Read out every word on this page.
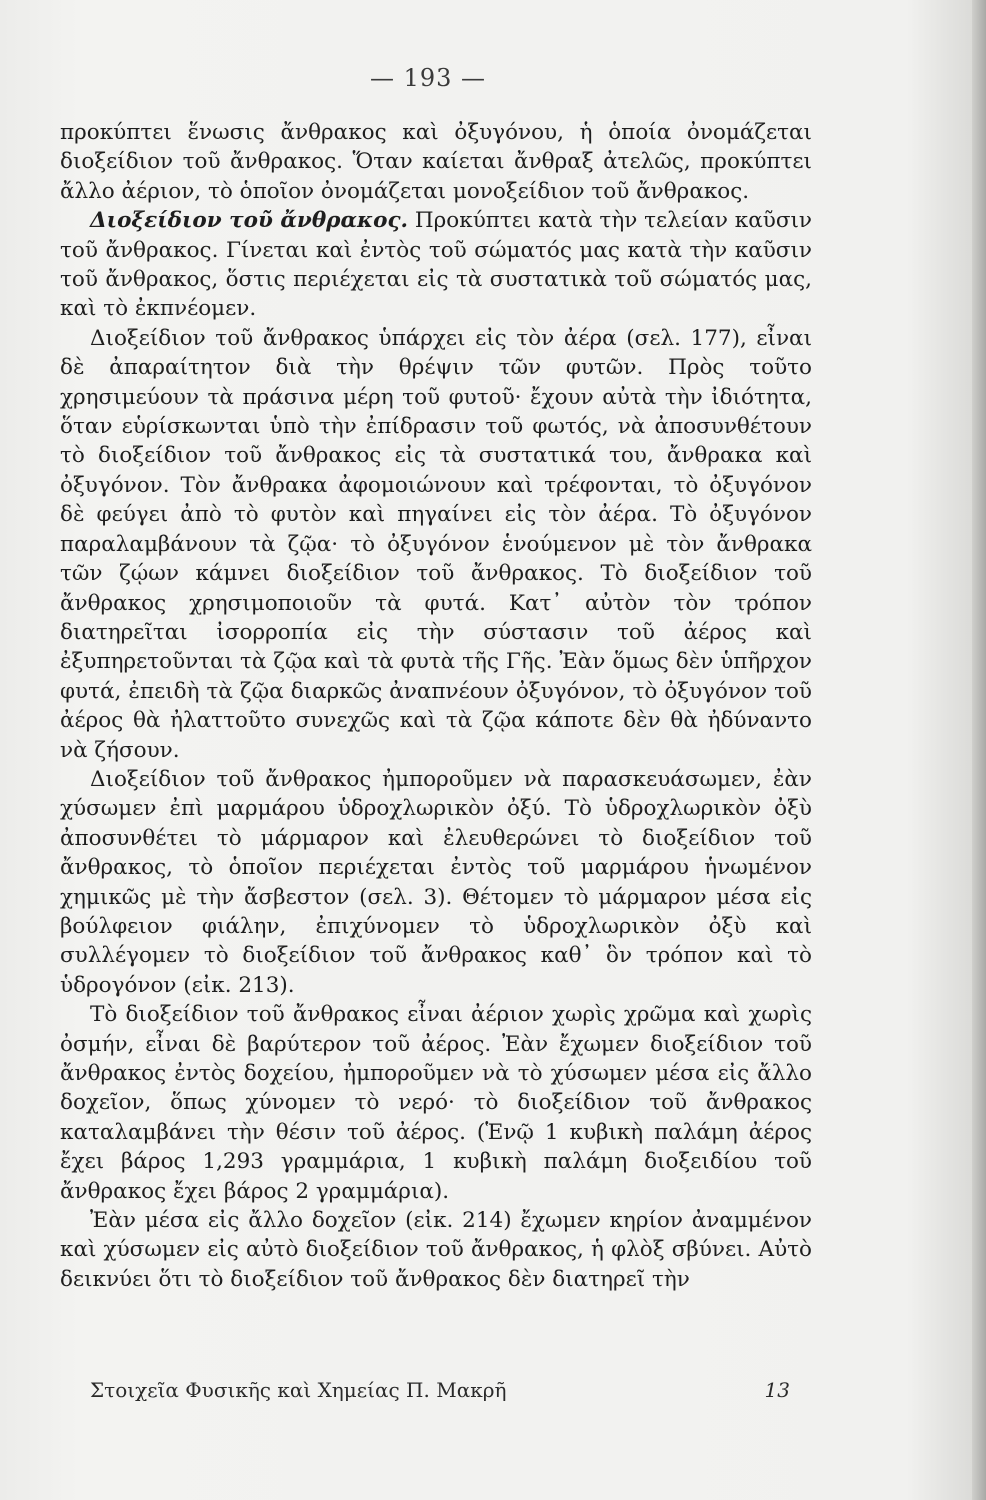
— 193 —

προκύπτει ἕνωσις ἄνθρακος καὶ ὀξυγόνου, ἡ ὁποία ὀνομάζεται διοξείδιον τοῦ ἄνθρακος. Ὅταν καίεται ἄνθραξ ἀτελῶς, προκύπτει ἄλλο ἀέριον, τὸ ὁποῖον ὀνομάζεται μονοξείδιον τοῦ ἄνθρακος.

Διοξείδιον τοῦ ἄνθρακος. Προκύπτει κατὰ τὴν τελείαν καῦσιν τοῦ ἄνθρακος. Γίνεται καὶ ἐντὸς τοῦ σώματός μας κατὰ τὴν καῦσιν τοῦ ἄνθρακος, ὅστις περιέχεται εἰς τὰ συστατικὰ τοῦ σώματός μας, καὶ τὸ ἐκπνέομεν.

Διοξείδιον τοῦ ἄνθρακος ὑπάρχει εἰς τὸν ἀέρα (σελ. 177), εἶναι δὲ ἀπαραίτητον διὰ τὴν θρέψιν τῶν φυτῶν. Πρὸς τοῦτο χρησιμεύουν τὰ πράσινα μέρη τοῦ φυτοῦ· ἔχουν αὐτὰ τὴν ἰδιότητα, ὅταν εὑρίσκωνται ὑπὸ τὴν ἐπίδρασιν τοῦ φωτός, νὰ ἀποσυνθέτουν τὸ διοξείδιον τοῦ ἄνθρακος εἰς τὰ συστατικά του, ἄνθρακα καὶ ὀξυγόνον. Τὸν ἄνθρακα ἀφομοιώνουν καὶ τρέφονται, τὸ ὀξυγόνον δὲ φεύγει ἀπὸ τὸ φυτὸν καὶ πηγαίνει εἰς τὸν ἀέρα. Τὸ ὀξυγόνον παραλαμβάνουν τὰ ζῷα· τὸ ὀξυγόνον ἑνούμενον μὲ τὸν ἄνθρακα τῶν ζῴων κάμνει διοξείδιον τοῦ ἄνθρακος. Τὸ διοξείδιον τοῦ ἄνθρακος χρησιμοποιοῦν τὰ φυτά. Κατ᾿ αὐτὸν τὸν τρόπον διατηρεῖται ἰσορροπία εἰς τὴν σύστασιν τοῦ ἀέρος καὶ ἐξυπηρετοῦνται τὰ ζῷα καὶ τὰ φυτὰ τῆς Γῆς. Ἐὰν ὅμως δὲν ὑπῆρχον φυτά, ἐπειδὴ τὰ ζῷα διαρκῶς ἀναπνέουν ὀξυγόνον, τὸ ὀξυγόνον τοῦ ἀέρος θὰ ἠλαττοῦτο συνεχῶς καὶ τὰ ζῷα κάποτε δὲν θὰ ἠδύναντο νὰ ζήσουν.

Διοξείδιον τοῦ ἄνθρακος ἠμποροῦμεν νὰ παρασκευάσωμεν, ἐὰν χύσωμεν ἐπὶ μαρμάρου ὑδροχλωρικὸν ὀξύ. Τὸ ὑδροχλωρικὸν ὀξὺ ἀποσυνθέτει τὸ μάρμαρον καὶ ἐλευθερώνει τὸ διοξείδιον τοῦ ἄνθρακος, τὸ ὁποῖον περιέχεται ἐντὸς τοῦ μαρμάρου ἡνωμένον χημικῶς μὲ τὴν ἄσβεστον (σελ. 3). Θέτομεν τὸ μάρμαρον μέσα εἰς βούλφειον φιάλην, ἐπιχύνομεν τὸ ὑδροχλωρικὸν ὀξὺ καὶ συλλέγομεν τὸ διοξείδιον τοῦ ἄνθρακος καθ᾿ ὃν τρόπον καὶ τὸ ὑδρογόνον (εἰκ. 213).

Τὸ διοξείδιον τοῦ ἄνθρακος εἶναι ἀέριον χωρὶς χρῶμα καὶ χωρὶς ὀσμήν, εἶναι δὲ βαρύτερον τοῦ ἀέρος. Ἐὰν ἔχωμεν διοξείδιον τοῦ ἄνθρακος ἐντὸς δοχείου, ἠμποροῦμεν νὰ τὸ χύσωμεν μέσα εἰς ἄλλο δοχεῖον, ὅπως χύνομεν τὸ νερό· τὸ διοξείδιον τοῦ ἄνθρακος καταλαμβάνει τὴν θέσιν τοῦ ἀέρος. (Ἑνῷ 1 κυβικὴ παλάμη ἀέρος ἔχει βάρος 1,293 γραμμάρια, 1 κυβικὴ παλάμη διοξειδίου τοῦ ἄνθρακος ἔχει βάρος 2 γραμμάρια).

Ἐὰν μέσα εἰς ἄλλο δοχεῖον (εἰκ. 214) ἔχωμεν κηρίον ἀναμμένον καὶ χύσωμεν εἰς αὐτὸ διοξείδιον τοῦ ἄνθρακος, ἡ φλὸξ σβύνει. Αὐτὸ δεικνύει ὅτι τὸ διοξείδιον τοῦ ἄνθρακος δὲν διατηρεῖ τὴν

Στοιχεῖα Φυσικῆς καὶ Χημείας Π. Μακρῆ	13
